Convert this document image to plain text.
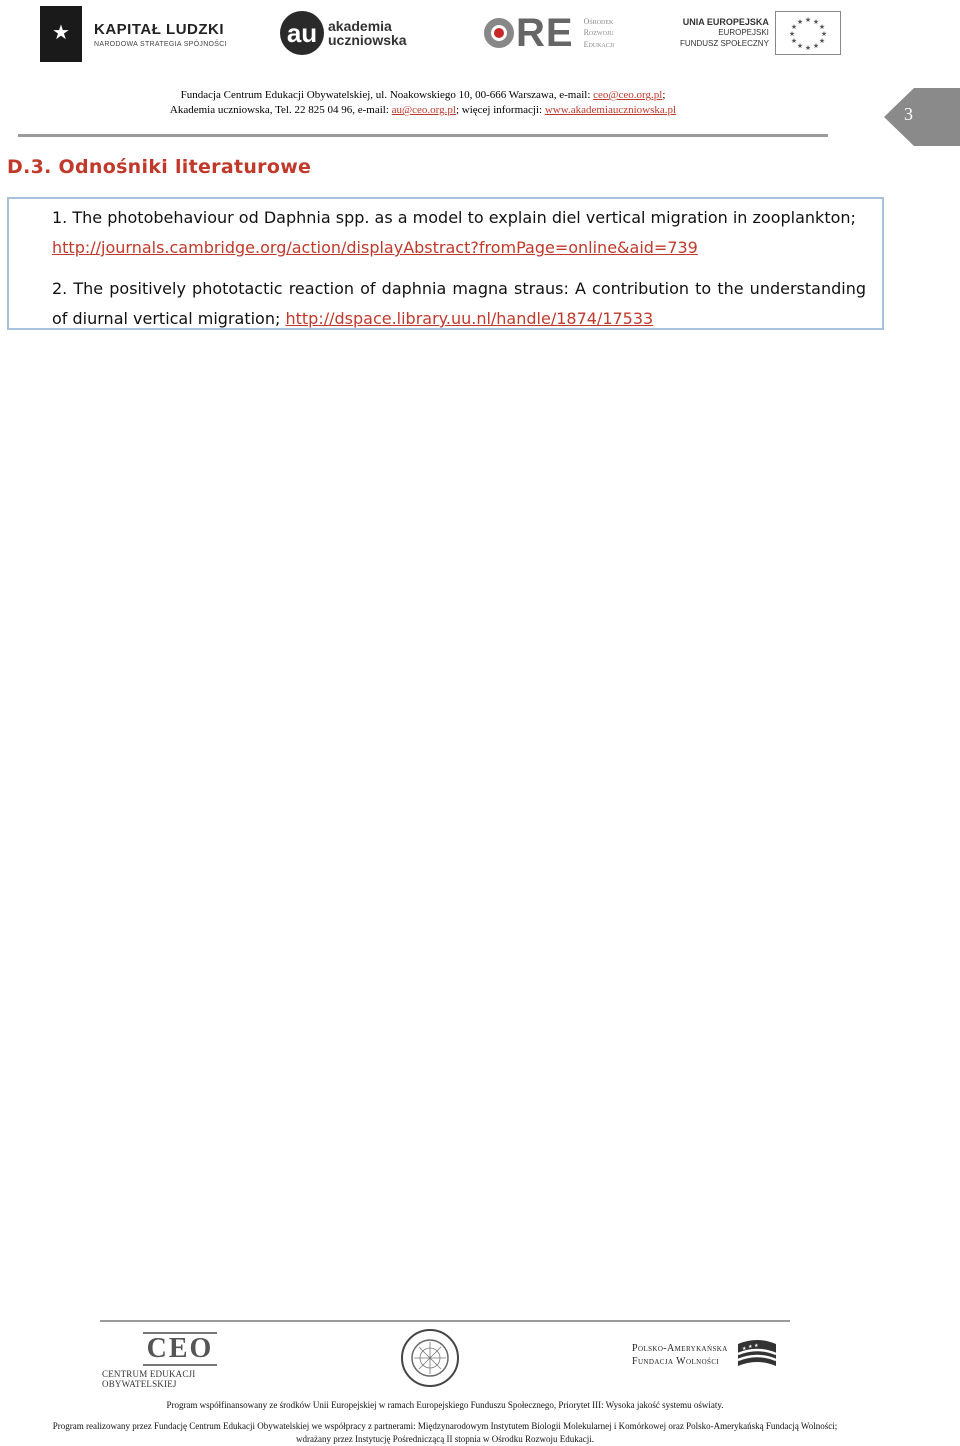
★
KAPITAŁ LUDZKI
NARODOWA STRATEGIA SPÓJNOŚCI au akademia
uczniowska	RE Ośrodek
Rozwoju
Edukacji
UNIA EUROPEJSKA
EUROPEJSKI
FUNDUSZ SPOŁECZNY
★ ★
★
★
★
★
★
★
★
★
★
★
Fundacja Centrum Edukacji Obywatelskiej, ul. Noakowskiego 10, 00-666 Warszawa, e-mail: ceo@ceo.org.pl;
Akademia uczniowska, Tel. 22 825 04 96, e-mail: au@ceo.org.pl; więcej informacji: www.akademiauczniowska.pl	3
D.3. Odnośniki literaturowe
1. The photobehaviour od Daphnia spp. as a model to explain diel vertical migration in zooplankton; http://journals.cambridge.org/action/displayAbstract?fromPage=online&aid=739
2. The positively phototactic reaction of daphnia magna straus: A contribution to the understanding of diurnal vertical migration; http://dspace.library.uu.nl/handle/1874/17533
CEO
CENTRUM EDUKACJI OBYWATELSKIEJ
Polsko-Amerykańska
Fundacja Wolności
★ ★ ★
Program współfinansowany ze środków Unii Europejskiej w ramach Europejskiego Funduszu Społecznego, Priorytet III: Wysoka jakość systemu oświaty.
Program realizowany przez Fundację Centrum Edukacji Obywatelskiej we współpracy z partnerami: Międzynarodowym Instytutem Biologii Molekularnej i Komórkowej oraz Polsko-Amerykańską Fundacją Wolności;
wdrażany przez Instytucję Pośredniczącą II stopnia w Ośrodku Rozwoju Edukacji.
